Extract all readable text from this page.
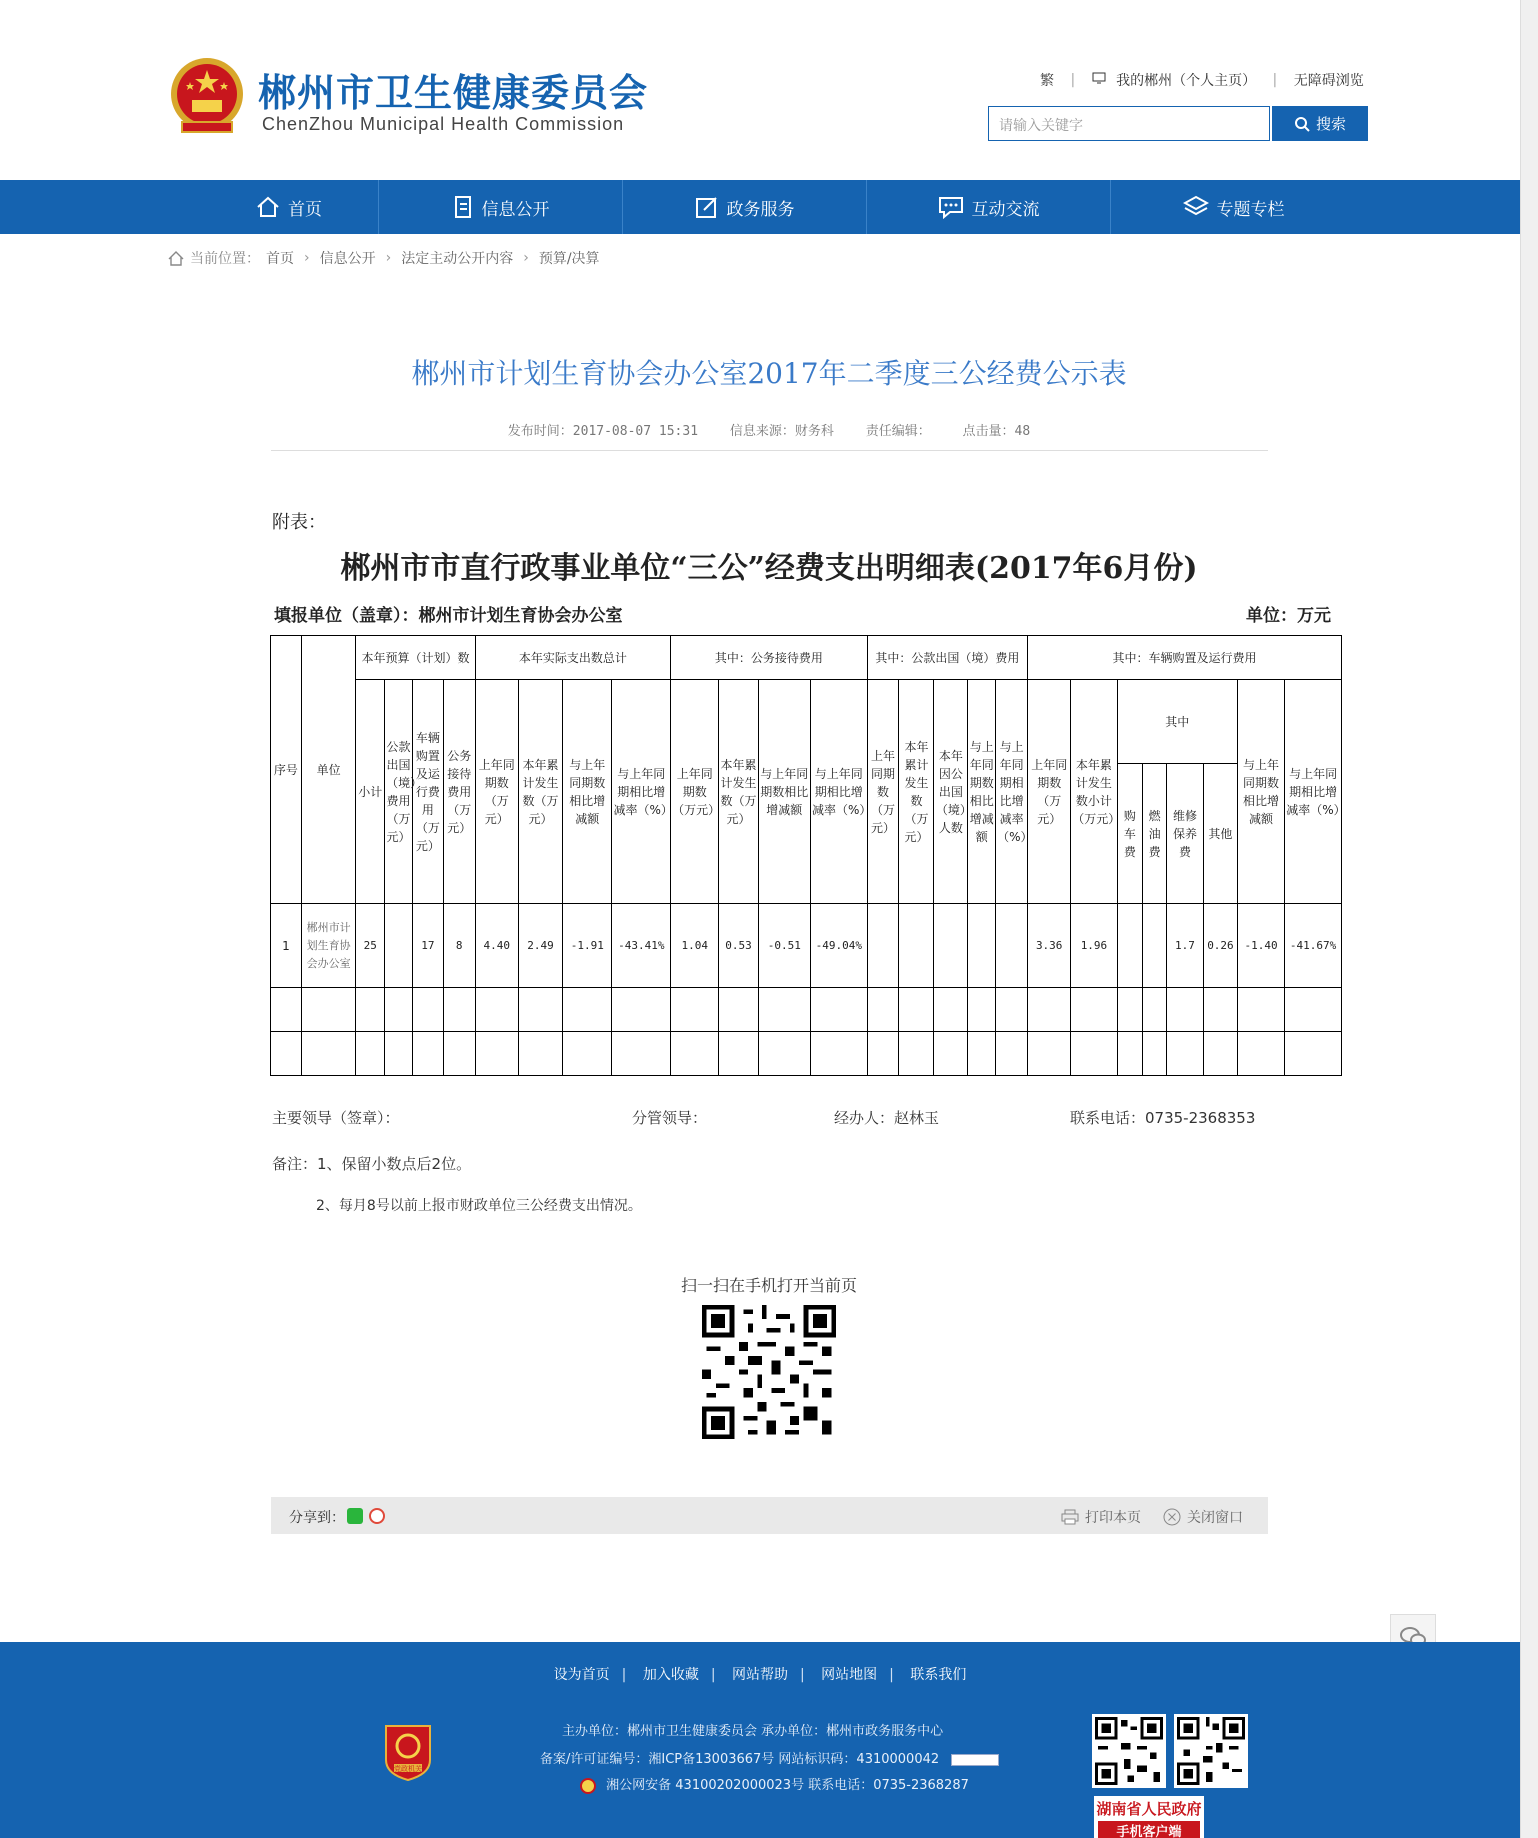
郴州市卫生健康委员会
ChenZhou Municipal Health Commission
繁 |	我的郴州（个人主页） | 无障碍浏览
请输入关键字	搜索
首页	信息公开	政务服务	互动交流	专题专栏
当前位置： 首页 › 信息公开 › 法定主动公开内容 › 预算/决算
郴州市计划生育协会办公室2017年二季度三公经费公示表
发布时间：2017-08-07 15:31 信息来源：财务科 责任编辑： 点击量：48
附表：
郴州市市直行政事业单位“三公”经费支出明细表(2017年6月份)
填报单位（盖章）：郴州市计划生育协会办公室	单位：万元
序号	单位	本年预算（计划）数				本年实际支出数总计				其中：公务接待费用				其中：公款出国（境）费用					其中：车辆购置及运行费用							
		小计	公款出国（境）费用（万元）	车辆购置及运行费用（万元）	公务接待费用（万元）	上年同期数（万元）	本年累计发生数（万元）	与上年同期数相比增减额	与上年同期相比增减率（%）	上年同期数（万元）	本年累计发生数（万元）	与上年同期数相比增减额	与上年同期相比增减率（%）	上年同期数（万元）	本年累计发生数（万元）	本年因公出国（境）人数	与上年同期数相比增减额	与上年同期相比增减率（%）	上年同期数（万元）	本年累计发生数小计（万元）	其中				与上年同期数相比增减额	与上年同期相比增减率（%）
																					购车费	燃油费	维修保养费	其他		
1	郴州市计划生育协会办公室	25		17	8	4.40	2.49	-1.91	-43.41%	1.04	0.53	-0.51	-49.04%						3.36	1.96			1.7	0.26	-1.40	-41.67%

主要领导（签章）：	分管领导：	经办人：赵林玉	联系电话：0735-2368353
备注：1、保留小数点后2位。
2、每月8号以前上报市财政单位三公经费支出情况。
扫一扫在手机打开当前页
分享到：	打印本页	关闭窗口
设为首页 | 加入收藏 | 网站帮助 | 网站地图 | 联系我们
党政机关
主办单位：郴州市卫生健康委员会 承办单位：郴州市政务服务中心
备案/许可证编号：湘ICP备13003667号 网站标识码：4310000042
湘公网安备 43100202000023号 联系电话：0735-2368287
湖南省人民政府
手机客户端
